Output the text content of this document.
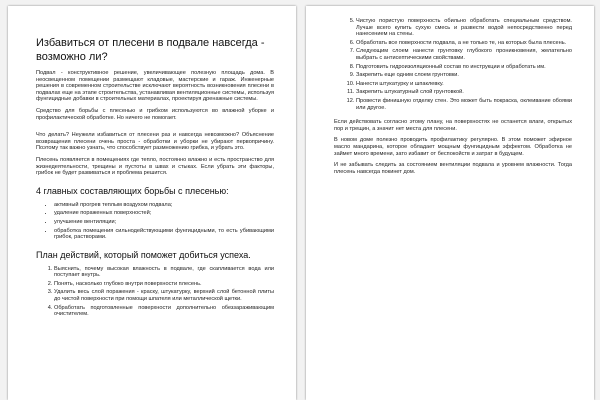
Избавиться от плесени в подвале навсегда - возможно ли?

Подвал - конструктивное решение, увеличивающее полезную площадь дома. В неосвещенном помещении размещают кладовые, мастерские и гараж. Инженерные решения в современном строительстве исключают вероятность возникновения плесени в подвалах еще на этапе строительства, устанавливая вентиляционные системы, используя фунгицидные добавки в строительных материалах, проектируя дренажные системы.

Средство для борьбы с плесенью и грибком используются во влажной уборке и профилактической обработке. Но ничего не помогает.

Что делать? Неужели избавиться от плесени раз и навсегда невозможно? Объяснение возвращения плесени очень проста - обработки и уборки не убирают первопричину. Поэтому так важно узнать, что способствует размножению грибка, и убрать это.

Плесень появляется в помещениях где тепло, постоянно влажно и есть пространство для жизнедеятельности, трещины и пустоты в швах и стыках. Если убрать эти факторы, грибок не будет развиваться и проблема решится.

4 главных составляющих борьбы с плесенью:
• активный прогрев теплым воздухом подвала;
• удаление пораженных поверхностей;
• улучшение вентиляции;
• обработка помещения сильнодействующими фунгицидными, то есть убивающими грибок, растворами.
План действий, который поможет добиться успеха.
1. Выяснить, почему высокая влажность в подвале, где скапливается вода или поступает внутрь.
2. Понять, насколько глубоко внутри поверхности плесень.
3. Удалить весь слой поражения - краску, штукатурку, верхний слой бетонной плиты до чистой поверхности при помощи шпателя или металлической щетки.
4. Обработать подготовленные поверхности дополнительно обеззараживающим очистителем.
5. Чистую пористую поверхность обильно обработать специальным средством. Лучше всего купить сухую смесь и развести водой непосредственно перед нанесением на стены.
6. Обработать все поверхности подвала, а не только те, на которых была плесень.
7. Следующим слоем нанести грунтовку глубокого проникновения, желательно выбрать с антисептическими свойствами.
8. Подготовить гидроизоляционный состав по инструкции и обработать им.
9. Закрепить еще одним слоем грунтовки.
10. Нанести штукатурку и шпаклевку.
11. Закрепить штукатурный слой грунтовкой.
12. Провести финишную отделку стен. Это может быть покраска, оклеивание обоями или другое.

Если действовать согласно этому плану, на поверхностях не останется влаги, открытых пор и трещин, а значит нет места для плесени.

В новом доме полезно проводить профилактику регулярно. В этом поможет эфирное масло мандарина, которое обладает мощным фунгицидным эффектом. Обработка не займет много времени, зато избавит от беспокойств и затрат в будущем.

И не забывать следить за состоянием вентиляции подвала и уровнем влажности. Тогда плесень навсегда покинет дом.
